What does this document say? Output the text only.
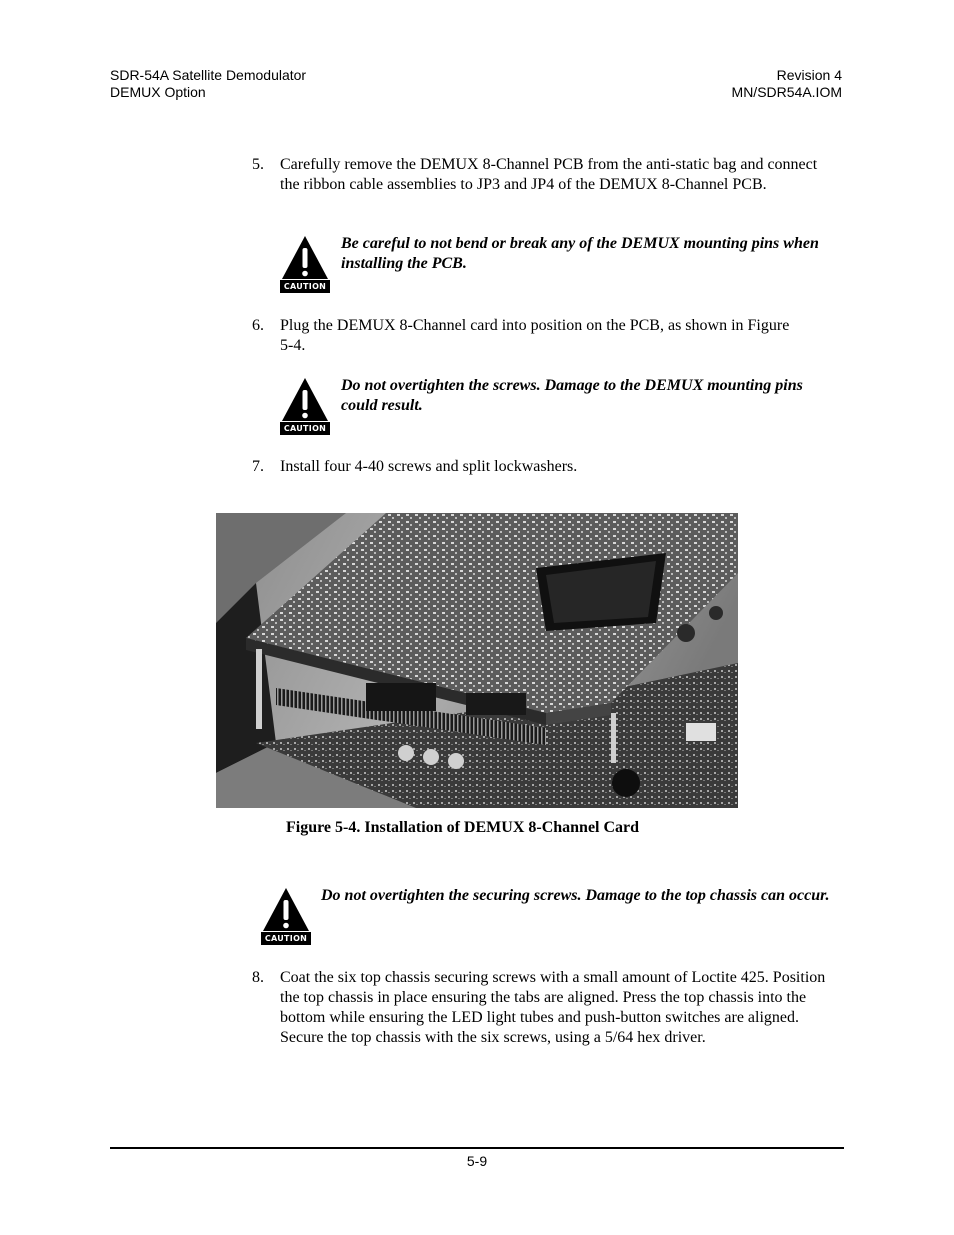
SDR-54A Satellite Demodulator
DEMUX Option
Revision 4
MN/SDR54A.IOM
5.	Carefully remove the DEMUX 8-Channel PCB from the anti-static bag and connect the ribbon cable assemblies to JP3 and JP4 of the DEMUX 8-Channel PCB.
CAUTION
Be careful to not bend or break any of the DEMUX mounting pins when installing the PCB.
6.	Plug the DEMUX 8-Channel card into position on the PCB, as shown in Figure 5-4.
CAUTION
Do not overtighten the screws. Damage to the DEMUX mounting pins could result.
7.	Install four 4-40 screws and split lockwashers.
Figure 5-4. Installation of DEMUX 8-Channel Card
CAUTION
Do not overtighten the securing screws. Damage to the top chassis can occur.
8.	Coat the six top chassis securing screws with a small amount of Loctite 425. Position the top chassis in place ensuring the tabs are aligned. Press the top chassis into the bottom while ensuring the LED light tubes and push-button switches are aligned. Secure the top chassis with the six screws, using a 5/64 hex driver.
5-9
